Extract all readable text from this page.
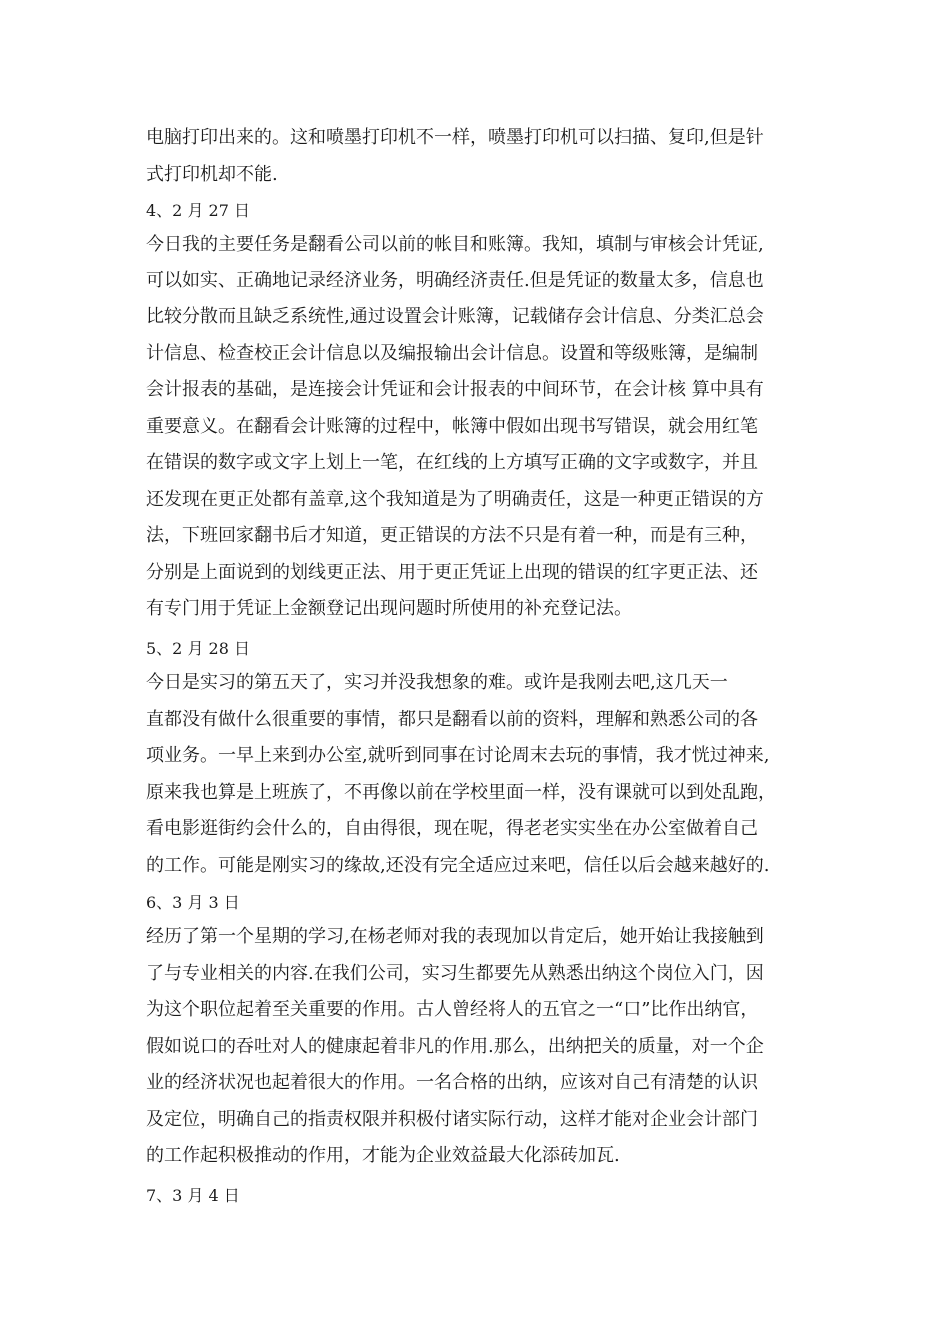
电脑打印出来的。这和喷墨打印机不一样，喷墨打印机可以扫描、复印,但是针
式打印机却不能.
4、2 月 27 日
今日我的主要任务是翻看公司以前的帐目和账簿。我知，填制与审核会计凭证,
可以如实、正确地记录经济业务，明确经济责任.但是凭证的数量太多，信息也
比较分散而且缺乏系统性,通过设置会计账簿，记载储存会计信息、分类汇总会
计信息、检查校正会计信息以及编报输出会计信息。设置和等级账簿，是编制
会计报表的基础，是连接会计凭证和会计报表的中间环节，在会计核 算中具有
重要意义。在翻看会计账簿的过程中，帐簿中假如出现书写错误，就会用红笔
在错误的数字或文字上划上一笔，在红线的上方填写正确的文字或数字，并且
还发现在更正处都有盖章,这个我知道是为了明确责任，这是一种更正错误的方
法，下班回家翻书后才知道，更正错误的方法不只是有着一种，而是有三种，
分别是上面说到的划线更正法、用于更正凭证上出现的错误的红字更正法、还
有专门用于凭证上金额登记出现问题时所使用的补充登记法。
5、2 月 28 日
今日是实习的第五天了，实习并没我想象的难。或许是我刚去吧,这几天一
直都没有做什么很重要的事情，都只是翻看以前的资料，理解和熟悉公司的各
项业务。一早上来到办公室,就听到同事在讨论周末去玩的事情，我才恍过神来,
原来我也算是上班族了，不再像以前在学校里面一样，没有课就可以到处乱跑，
看电影逛街约会什么的，自由得很，现在呢，得老老实实坐在办公室做着自己
的工作。可能是刚实习的缘故,还没有完全适应过来吧，信任以后会越来越好的.
6、3 月 3 日
经历了第一个星期的学习,在杨老师对我的表现加以肯定后，她开始让我接触到
了与专业相关的内容.在我们公司，实习生都要先从熟悉出纳这个岗位入门，因
为这个职位起着至关重要的作用。古人曾经将人的五官之一“口”比作出纳官，
假如说口的吞吐对人的健康起着非凡的作用.那么，出纳把关的质量，对一个企
业的经济状况也起着很大的作用。一名合格的出纳，应该对自己有清楚的认识
及定位，明确自己的指责权限并积极付诸实际行动，这样才能对企业会计部门
的工作起积极推动的作用，才能为企业效益最大化添砖加瓦.
7、3 月 4 日
